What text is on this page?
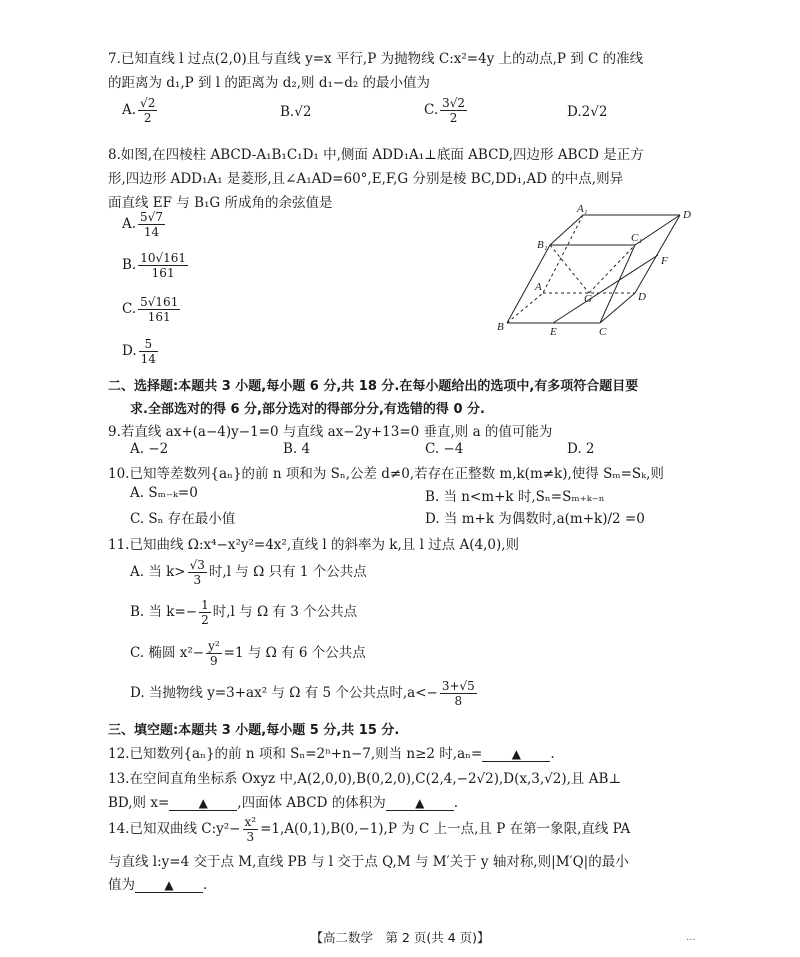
7.已知直线 l 过点(2,0)且与直线 y=x 平行,P 为抛物线 C:x²=4y 上的动点,P 到 C 的准线
的距离为 d₁,P 到 l 的距离为 d₂,则 d₁−d₂ 的最小值为
A. $\frac{√2}{2}$	B.√2	C. $\frac{3√2}{2}$	D.2√2
8.如图,在四棱柱 ABCD-A₁B₁C₁D₁ 中,侧面 ADD₁A₁⊥底面 ABCD,四边形 ABCD 是正方
形,四边形 ADD₁A₁ 是菱形,且∠A₁AD=60°,E,F,G 分别是棱 BC,DD₁,AD 的中点,则异
面直线 EF 与 B₁G 所成角的余弦值是
A. $\frac{5√7}{14}$
B. $\frac{10√161}{161}$
C. $\frac{5√161}{161}$
D. $\frac{5}{14}$
A₁	D
B₁
C₁
A
G	D
F
B	E	C
二、选择题:本题共 3 小题,每小题 6 分,共 18 分.在每小题给出的选项中,有多项符合题目要
求.全部选对的得 6 分,部分选对的得部分分,有选错的得 0 分.
9.若直线 ax+(a−4)y−1=0 与直线 ax−2y+13=0 垂直,则 a 的值可能为
A. −2	B. 4	C. −4	D. 2
10.已知等差数列{aₙ}的前 n 项和为 Sₙ,公差 d≠0,若存在正整数 m,k(m≠k),使得 Sₘ=Sₖ,则
A. Sₘ₋ₖ=0	B. 当 n<m+k 时,Sₙ=Sₘ₊ₖ₋ₙ
C. Sₙ 存在最小值	D. 当 m+k 为偶数时,a(m+k)/2 =0
11.已知曲线 Ω:x⁴−x²y²=4x²,直线 l 的斜率为 k,且 l 过点 A(4,0),则
A. 当 $k> \frac{√3}{3}$ 时,l 与 Ω 只有 1 个公共点
B. 当 $k=- \frac{1}{2}$ 时,l 与 Ω 有 3 个公共点
C. 椭圆 $x^2- \frac{\text{y²}}{9} =1$ 与 Ω 有 6 个公共点
D. 当抛物线 y=3+ax² 与 Ω 有 5 个公共点时$,a<- \frac{3+√5}{8}$
三、填空题:本题共 3 小题,每小题 5 分,共 15 分.
12.已知数列{aₙ}的前 n 项和 Sₙ=2ⁿ+n−7,则当 n≥2 时,aₙ= ▲ .
13.在空间直角坐标系 Oxyz 中,A(2,0,0),B(0,2,0),C(2,4,−2√2),D(x,3,√2),且 AB⊥
BD,则 x= ▲ ,四面体 ABCD 的体积为 ▲ .
14.已知双曲线 C:y²− $\frac{\text{x²}}{3} =1,A(0,1),B(0,-1),P$ 为 C 上一点,且 P 在第一象限,直线 PA
与直线 l:y=4 交于点 M,直线 PB 与 l 交于点 Q,M 与 M′关于 y 轴对称,则|M′Q|的最小
值为 ▲ .
【高二数学　第 2 页(共 4 页)】	...
